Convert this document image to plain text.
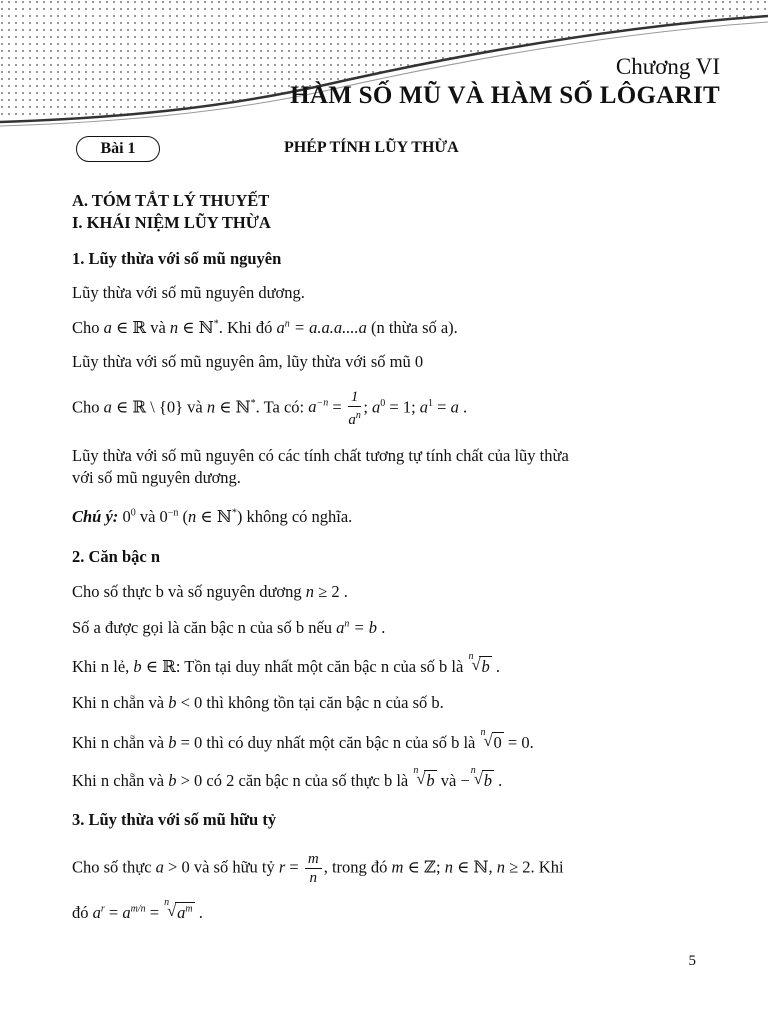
Chương VI
HÀM SỐ MŨ VÀ HÀM SỐ LÔGARIT
Bài 1	PHÉP TÍNH LŨY THỪA
A. TÓM TẮT LÝ THUYẾT
I. KHÁI NIỆM LŨY THỪA
1. Lũy thừa với số mũ nguyên
Lũy thừa với số mũ nguyên dương.
Cho a ∈ ℝ và n ∈ ℕ*. Khi đó $a^n = a.a.a....a$ (n thừa số a).
Lũy thừa với số mũ nguyên âm, lũy thừa với số mũ 0
Cho a ∈ ℝ \ {0} và n ∈ ℕ*. Ta có: $a^{-n} = \frac{1}{a^n}$ ; $a^0 = 1$; $a^1 = a$ .
Lũy thừa với số mũ nguyên có các tính chất tương tự tính chất của lũy thừa
với số mũ nguyên dương.
Chú ý: $0^0$ và $0^{-n}$ (n ∈ ℕ*) không có nghĩa.
2. Căn bậc n
Cho số thực b và số nguyên dương n ≥ 2 .
Số a được gọi là căn bậc n của số b nếu $a^n = b$ .
Khi n lẻ, b ∈ ℝ: Tồn tại duy nhất một căn bậc n của số b là
n
√ b .
Khi n chẵn và b < 0 thì không tồn tại căn bậc n của số b.
Khi n chẵn và b = 0 thì có duy nhất một căn bậc n của số b là
n
√ 0 = 0.
Khi n chẵn và b > 0 có 2 căn bậc n của số thực b là
n
√ b và −
n
√ b .
3. Lũy thừa với số mũ hữu tỷ
Cho số thực a > 0 và số hữu tỷ $r = \frac{m}{n}$ , trong đó m ∈ ℤ; n ∈ ℕ, n ≥ 2. Khi
đó $a^r = a^{m/n}$ =
n
√ $a^m$ .
5
